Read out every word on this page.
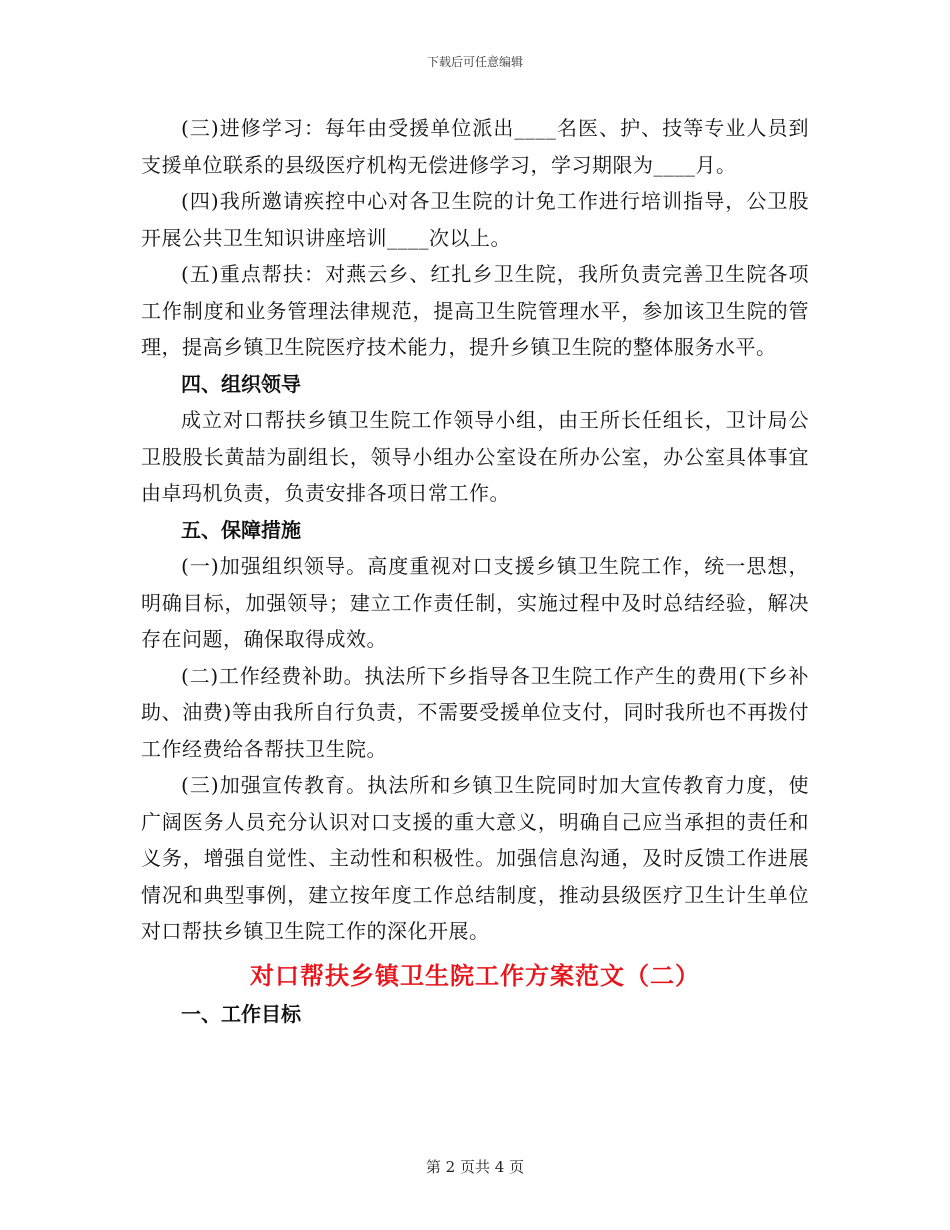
下载后可任意编辑

(三)进修学习：每年由受援单位派出____名医、护、技等专业人员到支援单位联系的县级医疗机构无偿进修学习，学习期限为____月。

(四)我所邀请疾控中心对各卫生院的计免工作进行培训指导，公卫股开展公共卫生知识讲座培训____次以上。

(五)重点帮扶：对燕云乡、红扎乡卫生院，我所负责完善卫生院各项工作制度和业务管理法律规范，提高卫生院管理水平，参加该卫生院的管理，提高乡镇卫生院医疗技术能力，提升乡镇卫生院的整体服务水平。

四、组织领导

成立对口帮扶乡镇卫生院工作领导小组，由王所长任组长，卫计局公卫股股长黄喆为副组长，领导小组办公室设在所办公室，办公室具体事宜由卓玛机负责，负责安排各项日常工作。

五、保障措施

(一)加强组织领导。高度重视对口支援乡镇卫生院工作，统一思想，明确目标，加强领导；建立工作责任制，实施过程中及时总结经验，解决存在问题，确保取得成效。

(二)工作经费补助。执法所下乡指导各卫生院工作产生的费用(下乡补助、油费)等由我所自行负责，不需要受援单位支付，同时我所也不再拨付工作经费给各帮扶卫生院。

(三)加强宣传教育。执法所和乡镇卫生院同时加大宣传教育力度，使广阔医务人员充分认识对口支援的重大意义，明确自己应当承担的责任和义务，增强自觉性、主动性和积极性。加强信息沟通，及时反馈工作进展情况和典型事例，建立按年度工作总结制度，推动县级医疗卫生计生单位对口帮扶乡镇卫生院工作的深化开展。

对口帮扶乡镇卫生院工作方案范文（二）

一、工作目标

第 2 页共 4 页
